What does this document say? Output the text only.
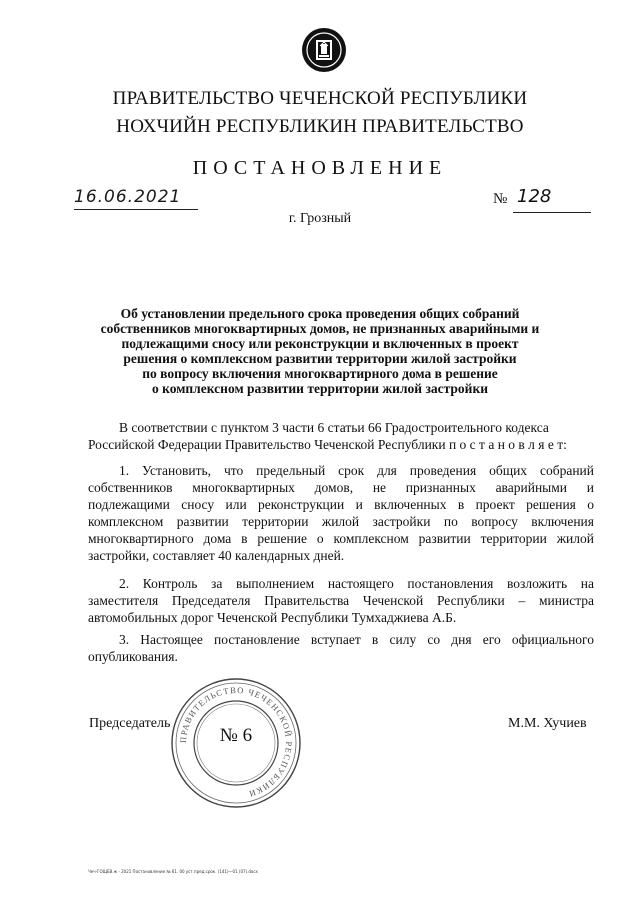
ПРАВИТЕЛЬСТВО ЧЕЧЕНСКОЙ РЕСПУБЛИКИ
НОХЧИЙН РЕСПУБЛИКИН ПРАВИТЕЛЬСТВО
ПОСТАНОВЛЕНИЕ
16.06.2021	№ 128
г. Грозный
Об установлении предельного срока проведения общих собраний
собственников многоквартирных домов, не признанных аварийными и
подлежащими сносу или реконструкции и включенных в проект
решения о комплексном развитии территории жилой застройки
по вопросу включения многоквартирного дома в решение
о комплексном развитии территории жилой застройки
В соответствии с пунктом 3 части 6 статьи 66 Градостроительного кодекса
Российской Федерации Правительство Чеченской Республики п о с т а н о в л я е т:
1. Установить, что предельный срок для проведения общих собраний
собственников многоквартирных домов, не признанных аварийными и
подлежащими сносу или реконструкции и включенных в проект решения о
комплексном развитии территории жилой застройки по вопросу включения
многоквартирного дома в решение о комплексном развитии территории жилой
застройки, составляет 40 календарных дней.
2. Контроль за выполнением настоящего постановления возложить на
заместителя Председателя Правительства Чеченской Республики – министра
автомобильных дорог Чеченской Республики Тумхаджиева А.Б.
3. Настоящее постановление вступает в силу со дня его официального
опубликования.
Председатель	М.М. Хучиев
ПРАВИТЕЛЬСТВО ЧЕЧЕНСКОЙ РЕСПУБЛИКИ
№ 6
Чеч-ГОЩЕВ.ж - 2021 Постановление № 61. 00 уст.пред.срок. (141)—01 (07).docx
